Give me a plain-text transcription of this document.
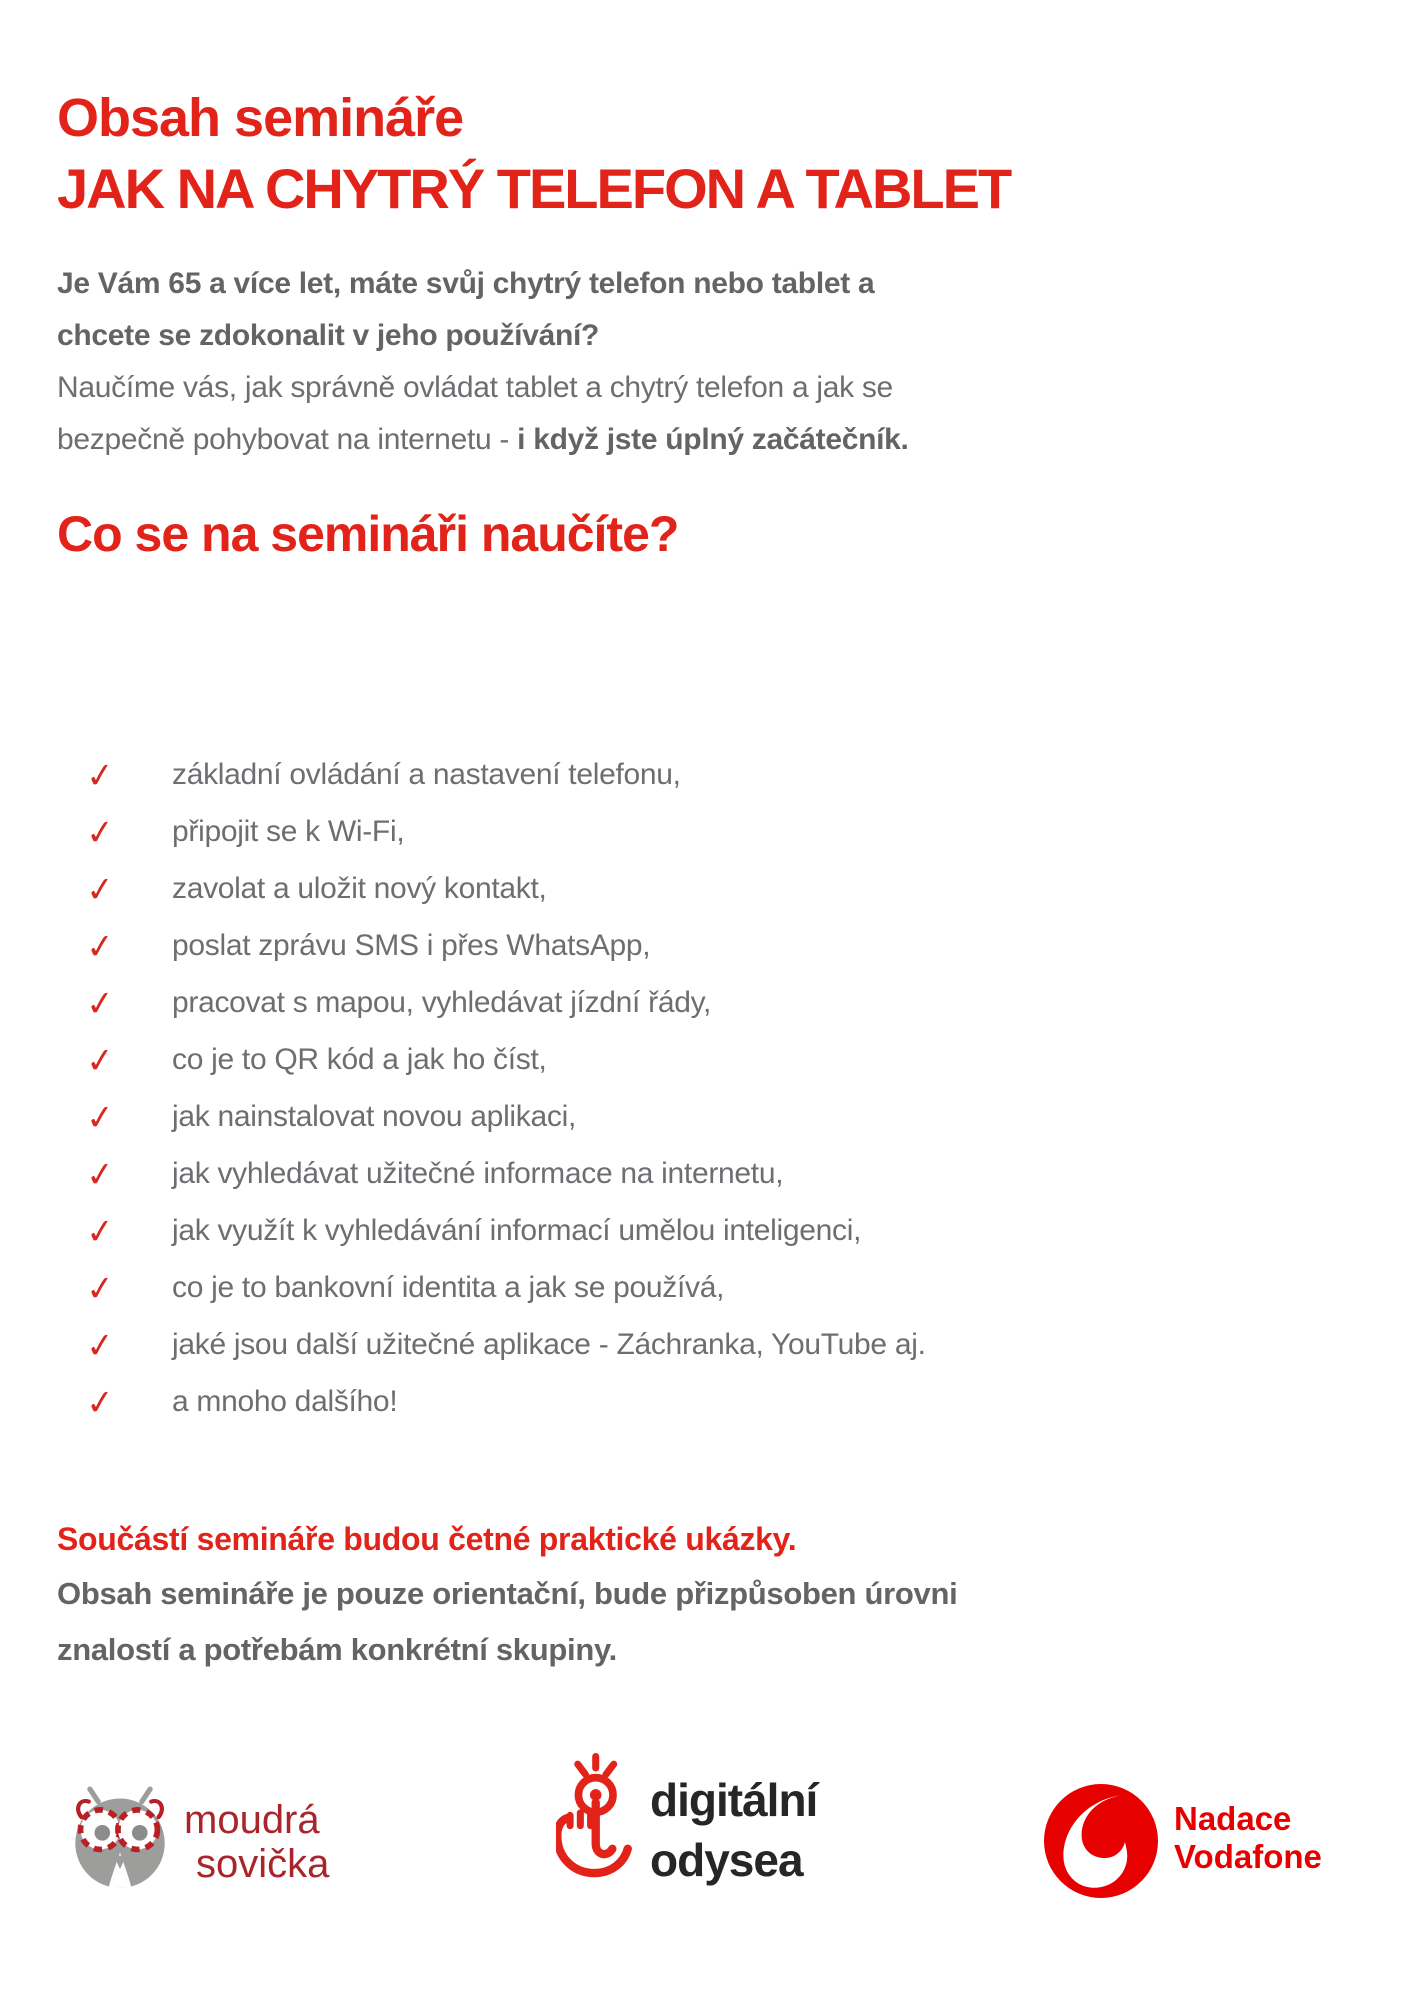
Obsah semináře
JAK NA CHYTRÝ TELEFON A TABLET
Je Vám 65 a více let, máte svůj chytrý telefon nebo tablet a
chcete se zdokonalit v jeho používání?
Naučíme vás, jak správně ovládat tablet a chytrý telefon a jak se
bezpečně pohybovat na internetu - i když jste úplný začátečník.
Co se na semináři naučíte?
✓	základní ovládání a nastavení telefonu,
✓	připojit se k Wi-Fi,
✓	zavolat a uložit nový kontakt,
✓	poslat zprávu SMS i přes WhatsApp,
✓	pracovat s mapou, vyhledávat jízdní řády,
✓	co je to QR kód a jak ho číst,
✓	jak nainstalovat novou aplikaci,
✓	jak vyhledávat užitečné informace na internetu,
✓	jak využít k vyhledávání informací umělou inteligenci,
✓	co je to bankovní identita a jak se používá,
✓	jaké jsou další užitečné aplikace - Záchranka, YouTube aj.
✓	a mnoho dalšího!
Součástí semináře budou četné praktické ukázky.
Obsah semináře je pouze orientační, bude přizpůsoben úrovni
znalostí a potřebám konkrétní skupiny.
moudrá
sovička
digitální
odysea
Nadace
Vodafone
